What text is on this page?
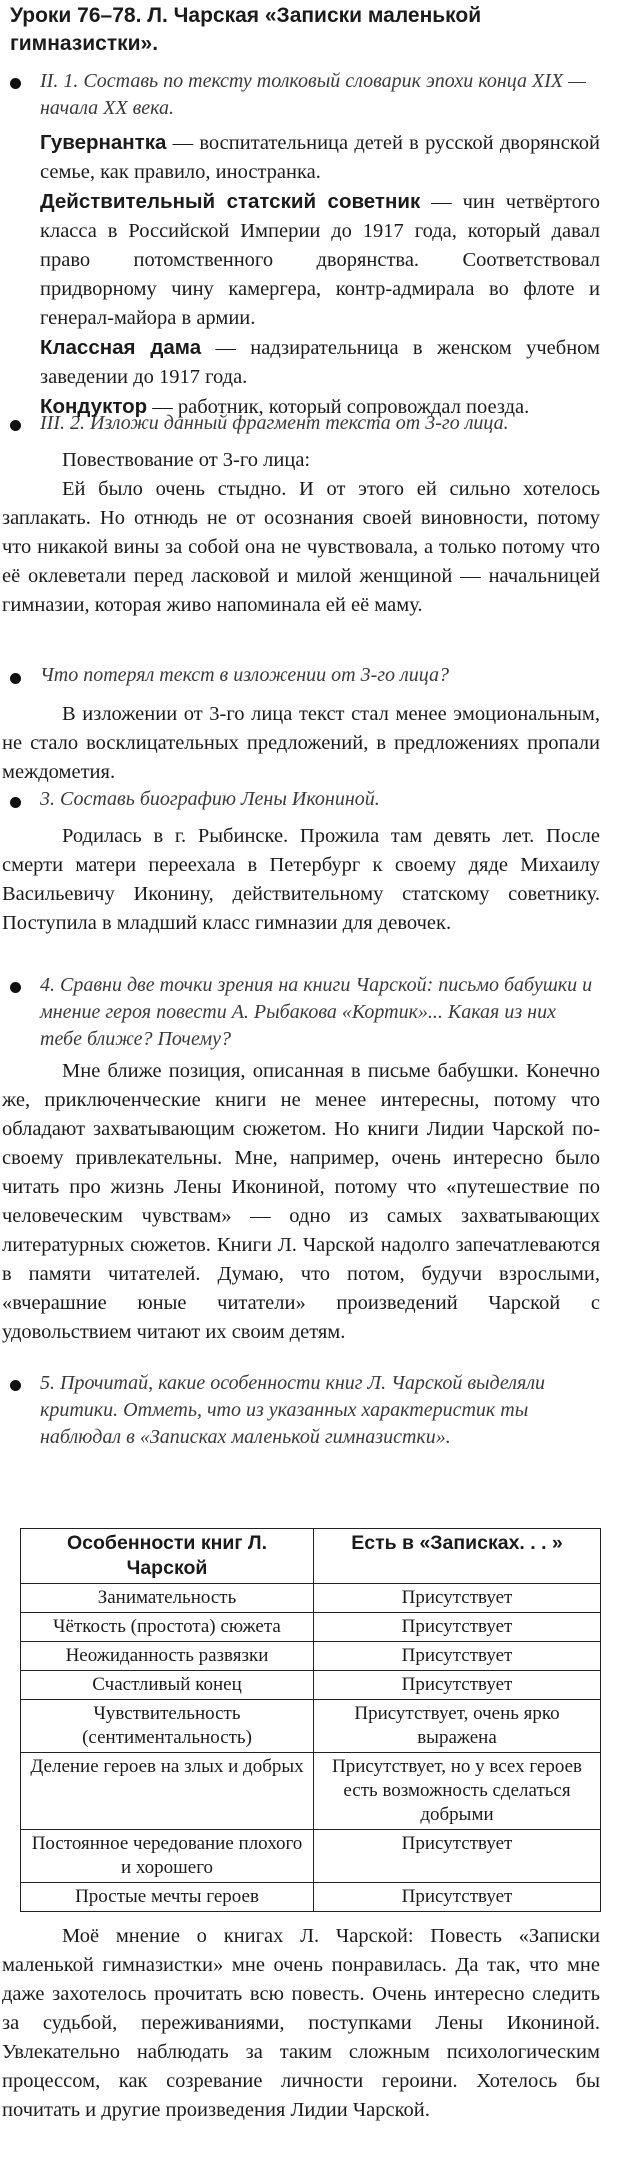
Уроки 76–78. Л. Чарская «Записки маленькой гимназистки».
II. 1. Составь по тексту толковый словарик эпохи конца XIX — начала XX века.
Гувернантка — воспитательница детей в русской дворянской семье, как правило, иностранка.
Действительный статский советник — чин четвёртого класса в Российской Империи до 1917 года, который давал право потомственного дворянства. Соответствовал придворному чину камергера, контр-адмирала во флоте и генерал-майора в армии.
Классная дама — надзирательница в женском учебном заведении до 1917 года.
Кондуктор — работник, который сопровождал поезда.
III. 2. Изложи данный фрагмент текста от 3-го лица.
Повествование от 3-го лица:
Ей было очень стыдно. И от этого ей сильно хотелось заплакать. Но отнюдь не от осознания своей виновности, потому что никакой вины за собой она не чувствовала, а только потому что её оклеветали перед ласковой и милой женщиной — начальницей гимназии, которая живо напоминала ей её маму.
Что потерял текст в изложении от 3-го лица?
В изложении от 3-го лица текст стал менее эмоциональным, не стало восклицательных предложений, в предложениях пропали междометия.
3. Составь биографию Лены Икониной.
Родилась в г. Рыбинске. Прожила там девять лет. После смерти матери переехала в Петербург к своему дяде Михаилу Васильевичу Иконину, действительному статскому советнику. Поступила в младший класс гимназии для девочек.
4. Сравни две точки зрения на книги Чарской: письмо бабушки и мнение героя повести А. Рыбакова «Кортик»... Какая из них тебе ближе? Почему?
Мне ближе позиция, описанная в письме бабушки. Конечно же, приключенческие книги не менее интересны, потому что обладают захватывающим сюжетом. Но книги Лидии Чарской по-своему привлекательны. Мне, например, очень интересно было читать про жизнь Лены Икониной, потому что «путешествие по человеческим чувствам» — одно из самых захватывающих литературных сюжетов. Книги Л. Чарской надолго запечатлеваются в памяти читателей. Думаю, что потом, будучи взрослыми, «вчерашние юные читатели» произведений Чарской с удовольствием читают их своим детям.
5. Прочитай, какие особенности книг Л. Чарской выделяли критики. Отметь, что из указанных характеристик ты наблюдал в «Записках маленькой гимназистки».
Особенности книг Л. Чарской	Есть в «Записках. . . »
Занимательность	Присутствует
Чёткость (простота) сюжета	Присутствует
Неожиданность развязки	Присутствует
Счастливый конец	Присутствует
Чувствительность (сентиментальность)	Присутствует, очень ярко выражена
Деление героев на злых и добрых	Присутствует, но у всех героев есть возможность сделаться добрыми
Постоянное чередование плохого и хорошего	Присутствует
Простые мечты героев	Присутствует
Моё мнение о книгах Л. Чарской: Повесть «Записки маленькой гимназистки» мне очень понравилась. Да так, что мне даже захотелось прочитать всю повесть. Очень интересно следить за судьбой, переживаниями, поступками Лены Икониной. Увлекательно наблюдать за таким сложным психологическим процессом, как созревание личности героини. Хотелось бы почитать и другие произведения Лидии Чарской.
